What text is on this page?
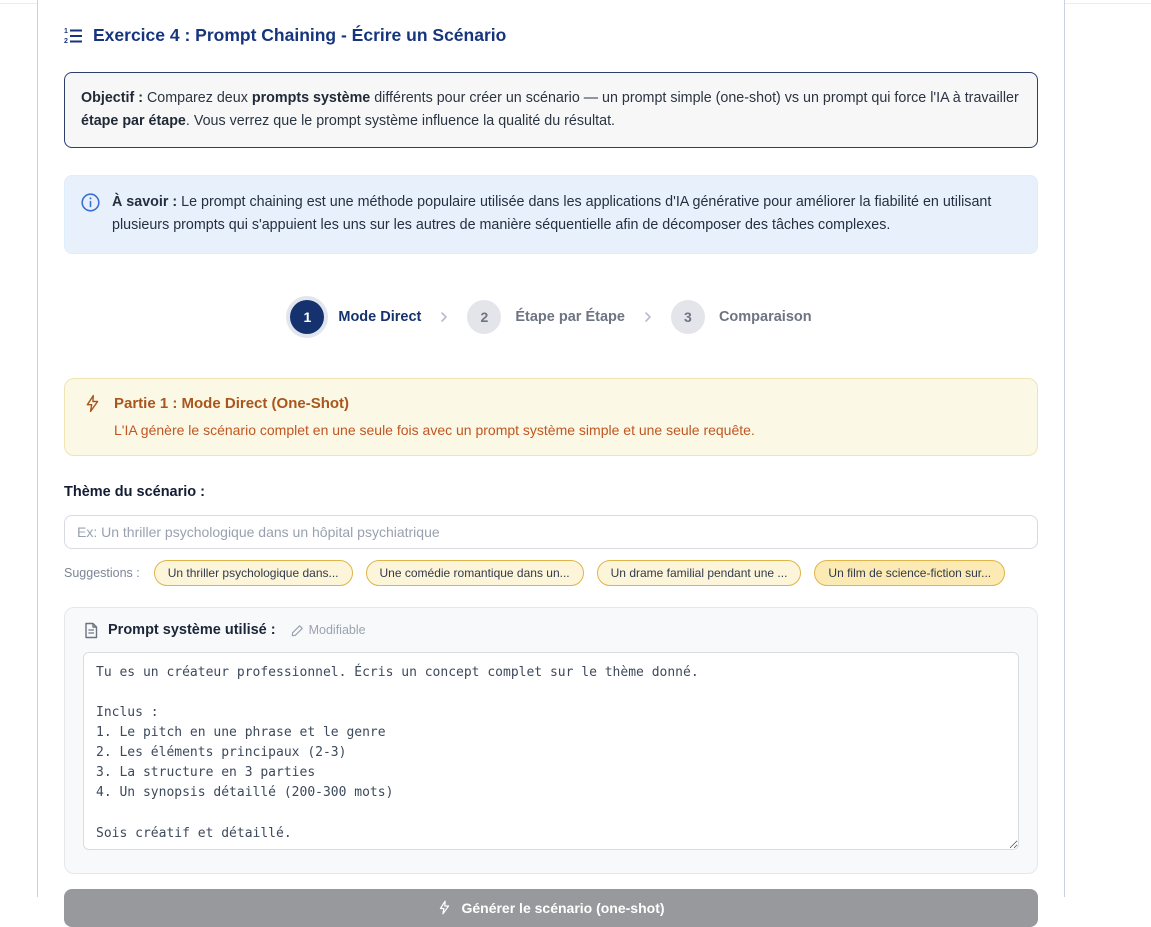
1
2 Exercice 4 : Prompt Chaining - Écrire un Scénario
Objectif : Comparez deux prompts système différents pour créer un scénario — un prompt simple (one-shot) vs un prompt qui force l'IA à travailler étape par étape. Vous verrez que le prompt système influence la qualité du résultat.
À savoir : Le prompt chaining est une méthode populaire utilisée dans les applications d'IA générative pour améliorer la fiabilité en utilisant plusieurs prompts qui s'appuient les uns sur les autres de manière séquentielle afin de décomposer des tâches complexes.
1	Mode Direct	2	Étape par Étape	3	Comparaison
Partie 1 : Mode Direct (One-Shot)
L'IA génère le scénario complet en une seule fois avec un prompt système simple et une seule requête.
Thème du scénario :
Ex: Un thriller psychologique dans un hôpital psychiatrique
Suggestions :	Un thriller psychologique dans...	Une comédie romantique dans un...	Un drame familial pendant une ...	Un film de science-fiction sur...
Prompt système utilisé :	Modifiable
Tu es un créateur professionnel. Écris un concept complet sur le thème donné. Inclus : 1. Le pitch en une phrase et le genre 2. Les éléments principaux (2-3) 3. La structure en 3 parties 4. Un synopsis détaillé (200-300 mots) Sois créatif et détaillé.
Générer le scénario (one-shot)
